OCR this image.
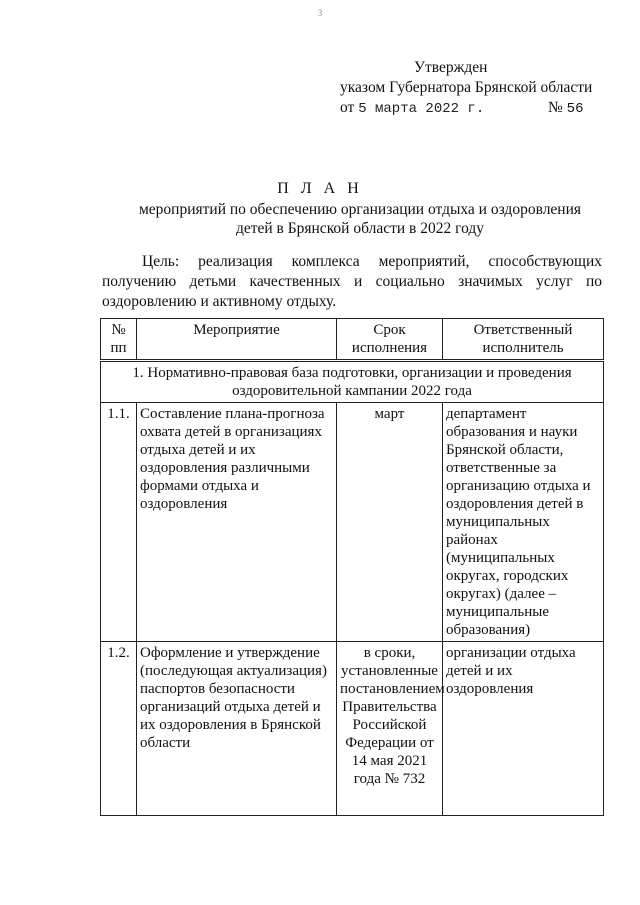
3
Утвержден
указом Губернатора Брянской области
от 5 марта 2022 г.	№ 56
П Л А Н
мероприятий по обеспечению организации отдыха и оздоровления
детей в Брянской области в 2022 году
Цель: реализация комплекса мероприятий, способствующих получению детьми качественных и социально значимых услуг по оздоровлению и активному отдыху.
№ пп	Мероприятие	Срок исполнения	Ответственный исполнитель
1. Нормативно-правовая база подготовки, организации и проведения оздоровительной кампании 2022 года			
1.1.	Составление плана-прогноза охвата детей в организациях отдыха детей и их оздоровления различными формами отдыха и оздоровления	март	департамент образования и науки Брянской области, ответственные за организацию отдыха и оздоровления детей в муниципальных районах (муниципальных округах, городских округах) (далее – муниципальные образования)
1.2.	Оформление и утверждение (последующая актуализация) паспортов безопасности организаций отдыха детей и их оздоровления в Брянской области	в сроки, установленные постановлением Правительства Российской Федерации от 14 мая 2021 года № 732	организации отдыха детей и их оздоровления
